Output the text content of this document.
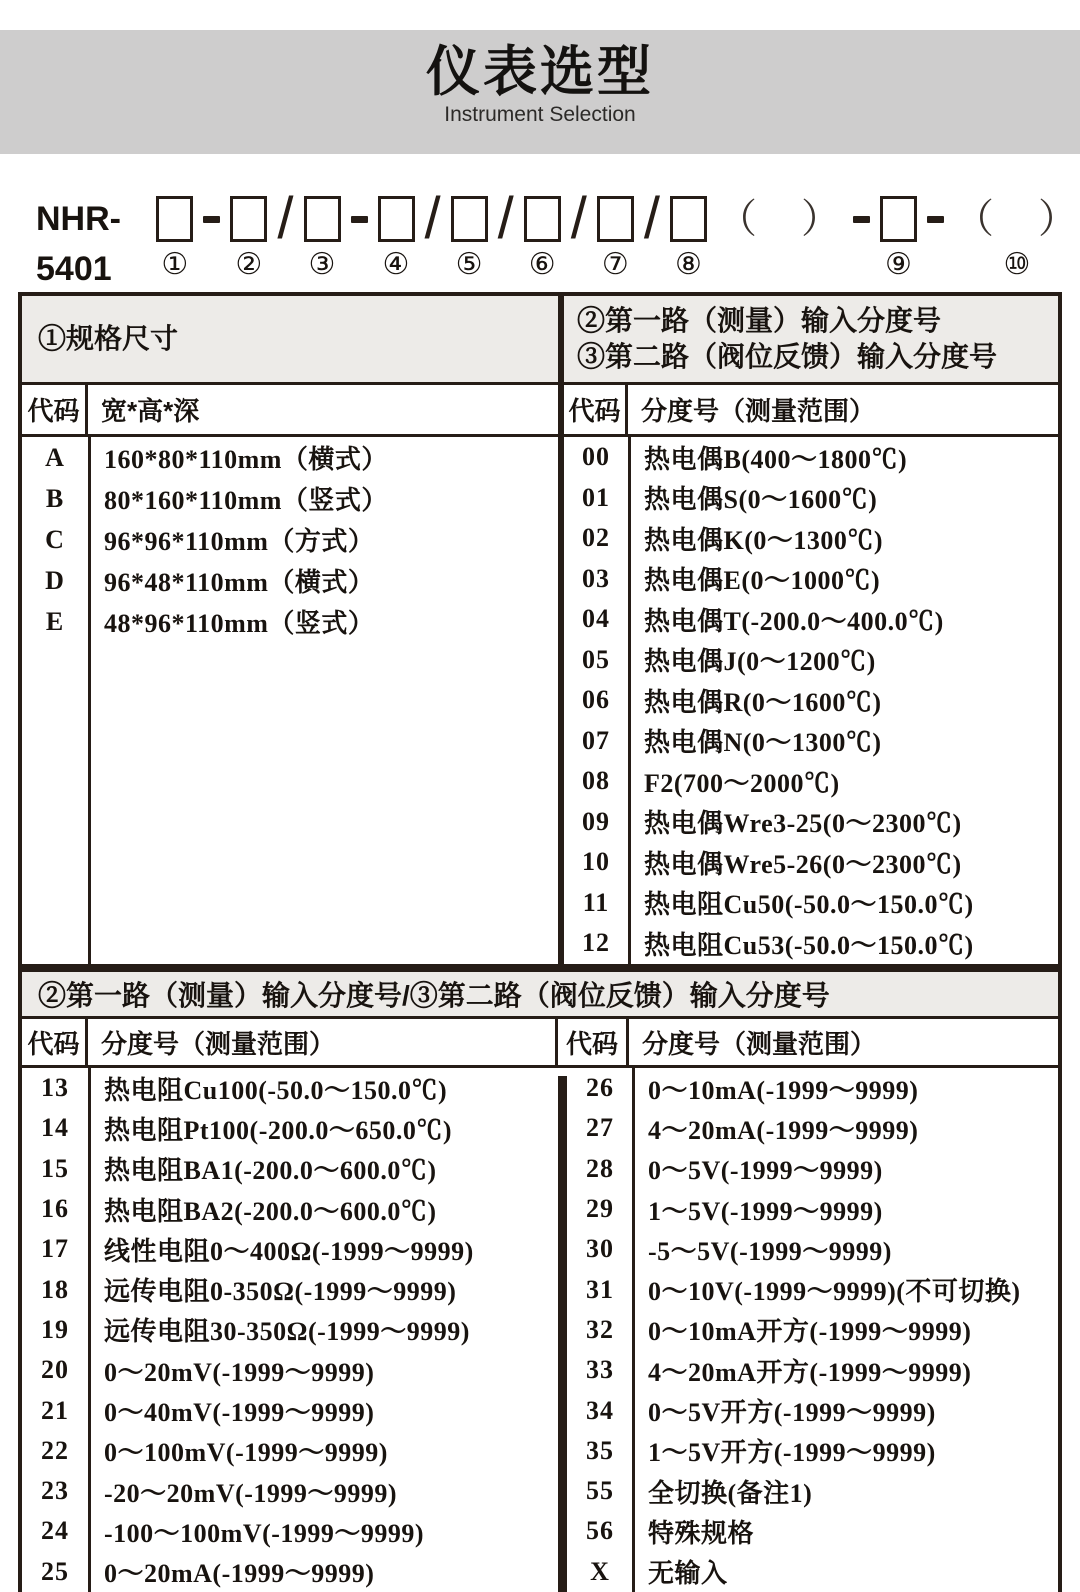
仪表选型
Instrument Selection
NHR-5401	① ②
/
③ ④
/
⑤
/
⑥
/
⑦
/
⑧
（　）
⑨
（　）
⑩
①规格尺寸
②第一路（测量）输入分度号
③第二路（阀位反馈）输入分度号
代码 宽*高*深	代码 分度号（测量范围）
A	160*80*110mm（横式）
B	80*160*110mm（竖式）
C	96*96*110mm（方式）
D	96*48*110mm（横式）
E	48*96*110mm（竖式）
00	热电偶B(400～1800℃)
01	热电偶S(0～1600℃)
02	热电偶K(0～1300℃)
03	热电偶E(0～1000℃)
04	热电偶T(-200.0～400.0℃)
05	热电偶J(0～1200℃)
06	热电偶R(0～1600℃)
07	热电偶N(0～1300℃)
08	F2(700～2000℃)
09	热电偶Wre3-25(0～2300℃)
10	热电偶Wre5-26(0～2300℃)
11	热电阻Cu50(-50.0～150.0℃)
12	热电阻Cu53(-50.0～150.0℃)
②第一路（测量）输入分度号/③第二路（阀位反馈）输入分度号
代码 分度号（测量范围）	代码 分度号（测量范围）
13	热电阻Cu100(-50.0～150.0℃)
14	热电阻Pt100(-200.0～650.0℃)
15	热电阻BA1(-200.0～600.0℃)
16	热电阻BA2(-200.0～600.0℃)
17	线性电阻0～400Ω(-1999～9999)
18	远传电阻0-350Ω(-1999～9999)
19	远传电阻30-350Ω(-1999～9999)
20	0～20mV(-1999～9999)
21	0～40mV(-1999～9999)
22	0～100mV(-1999～9999)
23	-20～20mV(-1999～9999)
24	-100～100mV(-1999～9999)
25	0～20mA(-1999～9999)
26	0～10mA(-1999～9999)
27	4～20mA(-1999～9999)
28	0～5V(-1999～9999)
29	1～5V(-1999～9999)
30	-5～5V(-1999～9999)
31	0～10V(-1999～9999)(不可切换)
32	0～10mA开方(-1999～9999)
33	4～20mA开方(-1999～9999)
34	0～5V开方(-1999～9999)
35	1～5V开方(-1999～9999)
55	全切换(备注1)
56	特殊规格
X	无输入
